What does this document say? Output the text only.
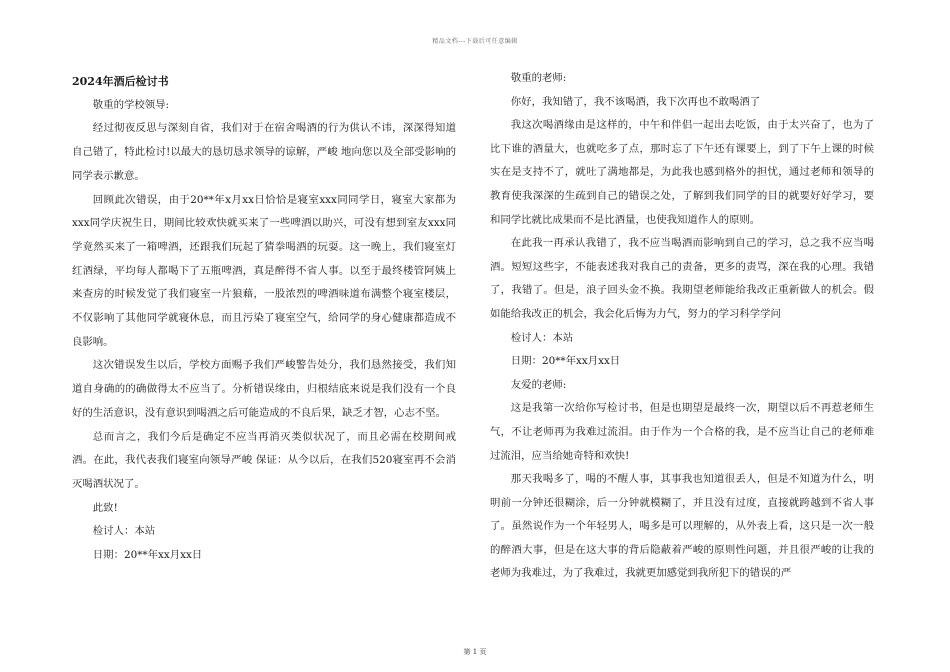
精品文档---下载后可任意编辑

2024年酒后检讨书

敬重的学校领导:

经过彻夜反思与深刻自省，我们对于在宿舍喝酒的行为供认不讳，深深得知道自己错了，特此检讨!以最大的恳切恳求领导的谅解，严峻 地向您以及全部受影响的同学表示歉意。

回顾此次错误，由于20**年x月xx日恰恰是寝室xxx同同学日，寝室大家都为xxx同学庆祝生日，期间比较欢快就买来了一些啤酒以助兴，可没有想到室友xxx同学竟然买来了一箱啤酒，还跟我们玩起了猜拳喝酒的玩耍。这一晚上，我们寝室灯红酒绿，平均每人都喝下了五瓶啤酒，真是醉得不省人事。以至于最终楼管阿姨上来查房的时候发觉了我们寝室一片狼藉，一股浓烈的啤酒味道布满整个寝室楼层，不仅影响了其他同学就寝休息，而且污染了寝室空气，给同学的身心健康都造成不良影响。

这次错误发生以后，学校方面赐予我们严峻警告处分，我们恳然接受，我们知道自身确的的确做得太不应当了。分析错误缘由，归根结底来说是我们没有一个良好的生活意识，没有意识到喝酒之后可能造成的不良后果，缺乏才智，心志不坚。

总而言之，我们今后是确定不应当再消灭类似状况了，而且必需在校期间戒酒。在此，我代表我们寝室向领导严峻 保证：从今以后，在我们520寝室再不会消灭喝酒状况了。

此致!

检讨人：本站

日期：20**年xx月xx日

敬重的老师:

你好，我知错了，我不该喝酒，我下次再也不敢喝酒了

我这次喝酒缘由是这样的，中午和伴侣一起出去吃饭，由于太兴奋了，也为了比下谁的酒量大，也就吃多了点，那时忘了下午还有课要上，到了下午上课的时候实在是支持不了，就吐了满地都是，为此我也感到格外的担忧，通过老师和领导的教育使我深深的生疏到自己的错误之处，了解到我们同学的目的就要好好学习，要和同学比就比成果而不是比酒量，也使我知道作人的原则。

在此我一再承认我错了，我不应当喝酒而影响到自己的学习，总之我不应当喝酒。短短这些字，不能表述我对我自己的责备，更多的责骂，深在我的心理。我错了，我错了。但是，浪子回头金不换。我期望老师能给我改正重新做人的机会。假如能给我改正的机会，我会化后悔为力气，努力的学习科学学问

检讨人：本站

日期：20**年xx月xx日

友爱的老师:

这是我第一次给你写检讨书，但是也期望是最终一次，期望以后不再惹老师生气，不让老师再为我难过流泪。由于作为一个合格的我，是不应当让自己的老师难过流泪，应当给她奇特和欢快!

那天我喝多了，喝的不醒人事，其事我也知道很丢人，但是不知道为什么，明明前一分钟还很糊涂，后一分钟就模糊了，并且没有过度，直接就跨越到不省人事了。虽然说作为一个年轻男人，喝多是可以理解的，从外表上看，这只是一次一般的醉酒大事，但是在这大事的背后隐蔽着严峻的原则性问题，并且很严峻的让我的老师为我难过，为了我难过，我就更加感觉到我所犯下的错误的严

第 1 页
